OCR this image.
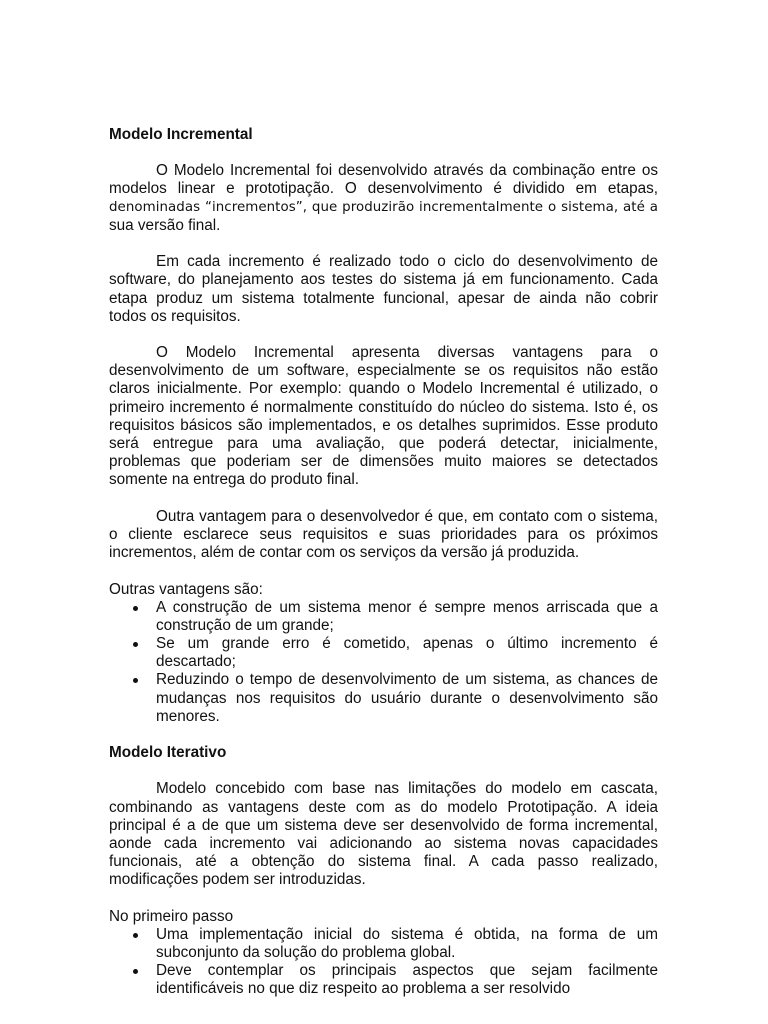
Modelo Incremental
O Modelo Incremental foi desenvolvido através da combinação entre os
modelos linear e prototipação. O desenvolvimento é dividido em etapas,
denominadas “incrementos”, que produzirão incrementalmente o sistema, até a
sua versão final.
Em cada incremento é realizado todo o ciclo do desenvolvimento de
software, do planejamento aos testes do sistema já em funcionamento. Cada
etapa produz um sistema totalmente funcional, apesar de ainda não cobrir
todos os requisitos.
O Modelo Incremental apresenta diversas vantagens para o
desenvolvimento de um software, especialmente se os requisitos não estão
claros inicialmente. Por exemplo: quando o Modelo Incremental é utilizado, o
primeiro incremento é normalmente constituído do núcleo do sistema. Isto é, os
requisitos básicos são implementados, e os detalhes suprimidos. Esse produto
será entregue para uma avaliação, que poderá detectar, inicialmente,
problemas que poderiam ser de dimensões muito maiores se detectados
somente na entrega do produto final.
Outra vantagem para o desenvolvedor é que, em contato com o sistema,
o cliente esclarece seus requisitos e suas prioridades para os próximos
incrementos, além de contar com os serviços da versão já produzida.
Outras vantagens são:
A construção de um sistema menor é sempre menos arriscada que a
construção de um grande;
Se um grande erro é cometido, apenas o último incremento é
descartado;
Reduzindo o tempo de desenvolvimento de um sistema, as chances de
mudanças nos requisitos do usuário durante o desenvolvimento são
menores.
Modelo Iterativo
Modelo concebido com base nas limitações do modelo em cascata,
combinando as vantagens deste com as do modelo Prototipação. A ideia
principal é a de que um sistema deve ser desenvolvido de forma incremental,
aonde cada incremento vai adicionando ao sistema novas capacidades
funcionais, até a obtenção do sistema final. A cada passo realizado,
modificações podem ser introduzidas.
No primeiro passo
Uma implementação inicial do sistema é obtida, na forma de um
subconjunto da solução do problema global.
Deve contemplar os principais aspectos que sejam facilmente
identificáveis no que diz respeito ao problema a ser resolvido
